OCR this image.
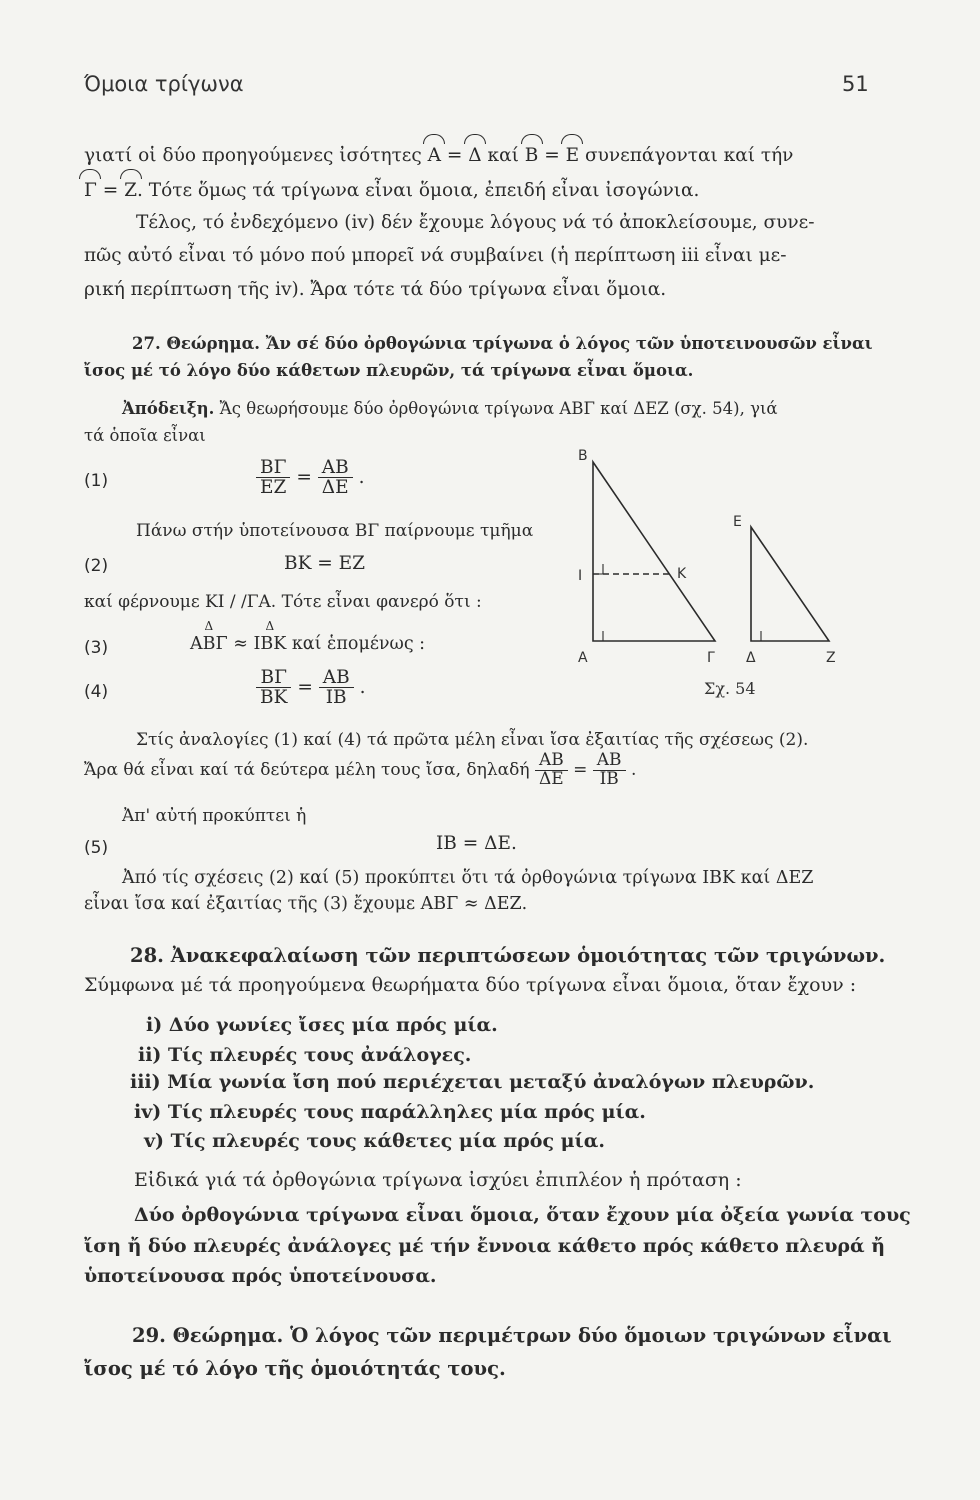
Όμοια τρίγωνα	51
γιατί οἱ δύο προηγούμενες ἰσότητες A = Δ καί B = E συνεπάγονται καί τήν
Γ = Z. Τότε ὅμως τά τρίγωνα εἶναι ὅμοια, ἐπειδή εἶναι ἰσογώνια.
Τέλος, τό ἐνδεχόμενο (iv) δέν ἔχουμε λόγους νά τό ἀποκλείσουμε, συνε-
πῶς αὐτό εἶναι τό μόνο πού μπορεῖ νά συμβαίνει (ἡ περίπτωση iii εἶναι με-
ρική περίπτωση τῆς iv). Ἄρα τότε τά δύο τρίγωνα εἶναι ὅμοια.
27. Θεώρημα. Ἄν σέ δύο ὀρθογώνια τρίγωνα ὁ λόγος τῶν ὑποτεινουσῶν εἶναι
ἴσος μέ τό λόγο δύο κάθετων πλευρῶν, τά τρίγωνα εἶναι ὅμοια.
Ἀπόδειξη. Ἄς θεωρήσουμε δύο ὀρθογώνια τρίγωνα ΑΒΓ καί ΔΕΖ (σχ. 54), γιά
τά ὁποῖα εἶναι
(1)	$\frac{B\Gamma}{EZ} = \frac{AB}{\Delta E}$ .
Πάνω στήν ὑποτείνουσα ΒΓ παίρνουμε τμῆμα
(2)	ΒΚ = ΕΖ
καί φέρνουμε ΚΙ / /ΓΑ. Τότε εἶναι φανερό ὅτι :
(3)
Δ	ΑΒΓ ≈ Δ ΙΒΚ καί ἑπομένως :
(4)	$\frac{B\Gamma}{BK} = \frac{AB}{IB}$ .
B
A	Γ
I	K
E
Δ	Z
Σχ. 54
Στίς ἀναλογίες (1) καί (4) τά πρῶτα μέλη εἶναι ἴσα ἐξαιτίας τῆς σχέσεως (2).
Ἄρα θά εἶναι καί τά δεύτερα μέλη τους ἴσα, δηλαδή $\frac{AB}{\Delta E} = \frac{AB}{IB}$ .
Ἀπ' αὐτή προκύπτει ἡ
(5)	ΙΒ = ΔΕ.
Ἀπό τίς σχέσεις (2) καί (5) προκύπτει ὅτι τά ὀρθογώνια τρίγωνα ΙΒΚ καί ΔΕΖ
εἶναι ἴσα καί ἐξαιτίας τῆς (3) ἔχουμε ΑΒΓ ≈ ΔΕΖ.
28. Ἀνακεφαλαίωση τῶν περιπτώσεων ὁμοιότητας τῶν τριγώνων.
Σύμφωνα μέ τά προηγούμενα θεωρήματα δύο τρίγωνα εἶναι ὅμοια, ὅταν ἔχουν :
i) Δύο γωνίες ἴσες μία πρός μία.
ii) Τίς πλευρές τους ἀνάλογες.
iii) Μία γωνία ἴση πού περιέχεται μεταξύ ἀναλόγων πλευρῶν.
iv) Τίς πλευρές τους παράλληλες μία πρός μία.
v) Τίς πλευρές τους κάθετες μία πρός μία.
Εἰδικά γιά τά ὀρθογώνια τρίγωνα ἰσχύει ἐπιπλέον ἡ πρόταση :
Δύο ὀρθογώνια τρίγωνα εἶναι ὅμοια, ὅταν ἔχουν μία ὀξεία γωνία τους
ἴση ἤ δύο πλευρές ἀνάλογες μέ τήν ἔννοια κάθετο πρός κάθετο πλευρά ἤ
ὑποτείνουσα πρός ὑποτείνουσα.
29. Θεώρημα. Ὁ λόγος τῶν περιμέτρων δύο ὅμοιων τριγώνων εἶναι
ἴσος μέ τό λόγο τῆς ὁμοιότητάς τους.
